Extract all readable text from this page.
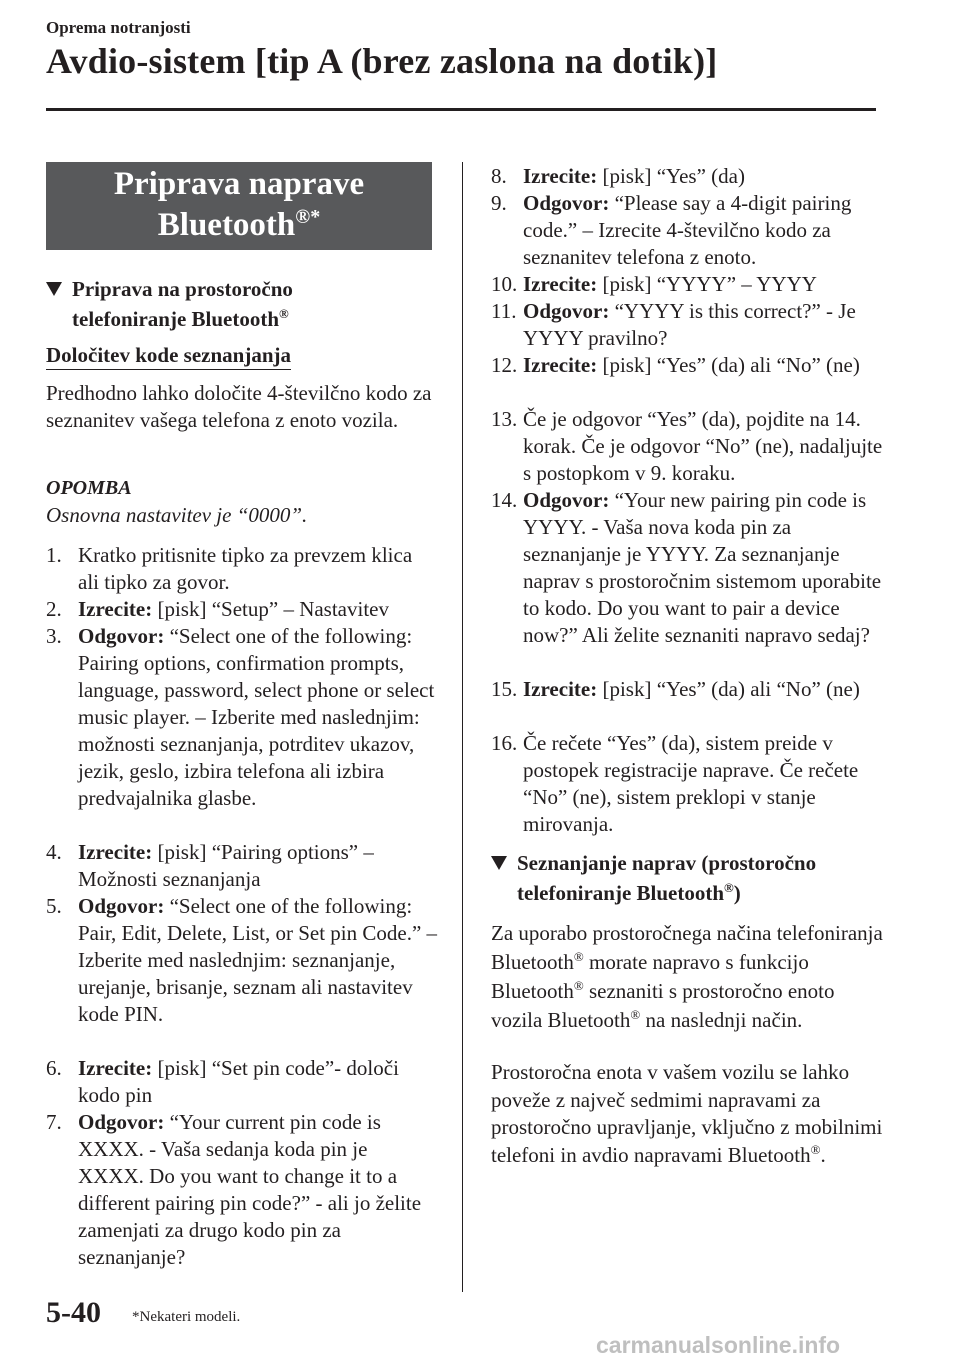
Oprema notranjosti
Avdio-sistem [tip A (brez zaslona na dotik)]
Priprava naprave
Bluetooth®*
Priprava na prostoročno
telefoniranje Bluetooth®
Določitev kode seznanjanja
Predhodno lahko določite 4-številčno kodo za seznanitev vašega telefona z enoto vozila.
OPOMBA
Osnovna nastavitev je “0000”.
1. Kratko pritisnite tipko za prevzem klica ali tipko za govor.
2. Izrecite: [pisk] “Setup” – Nastavitev
3. Odgovor: “Select one of the following: Pairing options, confirmation prompts, language, password, select phone or select music player. – Izberite med naslednjim: možnosti seznanjanja, potrditev ukazov, jezik, geslo, izbira telefona ali izbira predvajalnika glasbe.
4. Izrecite: [pisk] “Pairing options” – Možnosti seznanjanja
5. Odgovor: “Select one of the following: Pair, Edit, Delete, List, or Set pin Code.” – Izberite med naslednjim: seznanjanje, urejanje, brisanje, seznam ali nastavitev kode PIN.
6. Izrecite: [pisk] “Set pin code”- določi kodo pin
7. Odgovor: “Your current pin code is XXXX. - Vaša sedanja koda pin je XXXX. Do you want to change it to a different pairing pin code?” - ali jo želite zamenjati za drugo kodo pin za seznanjanje?
8. Izrecite: [pisk] “Yes” (da)
9. Odgovor: “Please say a 4-digit pairing code.” – Izrecite 4-številčno kodo za seznanitev telefona z enoto.
10. Izrecite: [pisk] “YYYY” – YYYY
11. Odgovor: “YYYY is this correct?” - Je YYYY pravilno?
12. Izrecite: [pisk] “Yes” (da) ali “No” (ne)
13. Če je odgovor “Yes” (da), pojdite na 14. korak. Če je odgovor “No” (ne), nadaljujte s postopkom v 9. koraku.
14. Odgovor: “Your new pairing pin code is YYYY. - Vaša nova koda pin za seznanjanje je YYYY. Za seznanjanje naprav s prostoročnim sistemom uporabite to kodo. Do you want to pair a device now?” Ali želite seznaniti napravo sedaj?
15. Izrecite: [pisk] “Yes” (da) ali “No” (ne)
16. Če rečete “Yes” (da), sistem preide v postopek registracije naprave. Če rečete “No” (ne), sistem preklopi v stanje mirovanja.
Seznanjanje naprav (prostoročno
telefoniranje Bluetooth®)
Za uporabo prostoročnega načina telefoniranja Bluetooth® morate napravo s funkcijo Bluetooth® seznaniti s prostoročno enoto vozila Bluetooth® na naslednji način.
Prostoročna enota v vašem vozilu se lahko poveže z največ sedmimi napravami za prostoročno upravljanje, vključno z mobilnimi telefoni in avdio napravami Bluetooth®.
5-40 *Nekateri modeli.
carmanualsonline.info
